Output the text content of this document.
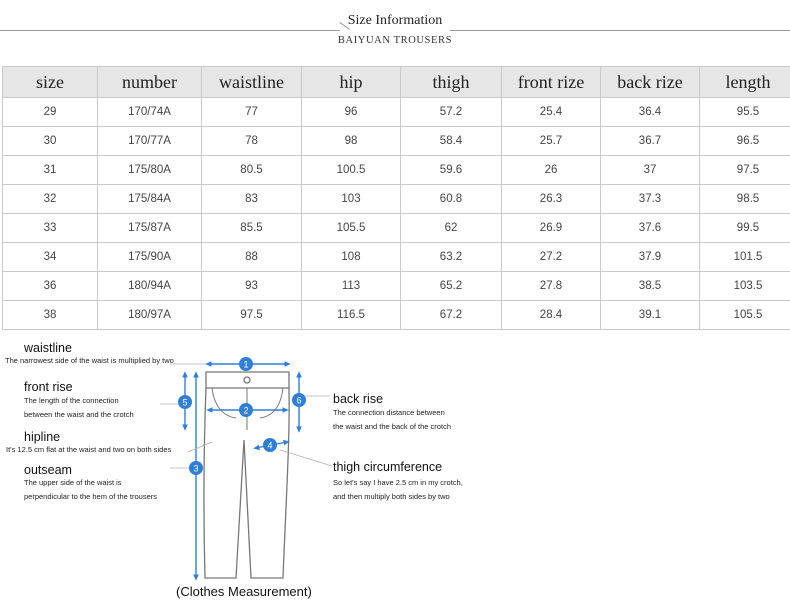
Size Information
BAIYUAN TROUSERS
size	number	waistline	hip	thigh	front rize	back rize	length
29	170/74A	77	96	57.2	25.4	36.4	95.5
30	170/77A	78	98	58.4	25.7	36.7	96.5
31	175/80A	80.5	100.5	59.6	26	37	97.5
32	175/84A	83	103	60.8	26.3	37.3	98.5
33	175/87A	85.5	105.5	62	26.9	37.6	99.5
34	175/90A	88	108	63.2	27.2	37.9	101.5
36	180/94A	93	113	65.2	27.8	38.5	103.5
38	180/97A	97.5	116.5	67.2	28.4	39.1	105.5
1
2
3
4
5	6
waistline
The narrowest side of the waist is multiplied by two
front rise
The length of the connection
between the waist and the crotch
hipline
It's 12.5 cm flat at the waist and two on both sides
outseam
The upper side of the waist is
perpendicular to the hem of the trousers
back rise
The connection distance between
the waist and the back of the crotch
thigh circumference
So let's say I have 2.5 cm in my crotch,
and then multiply both sides by two
(Clothes Measurement)
